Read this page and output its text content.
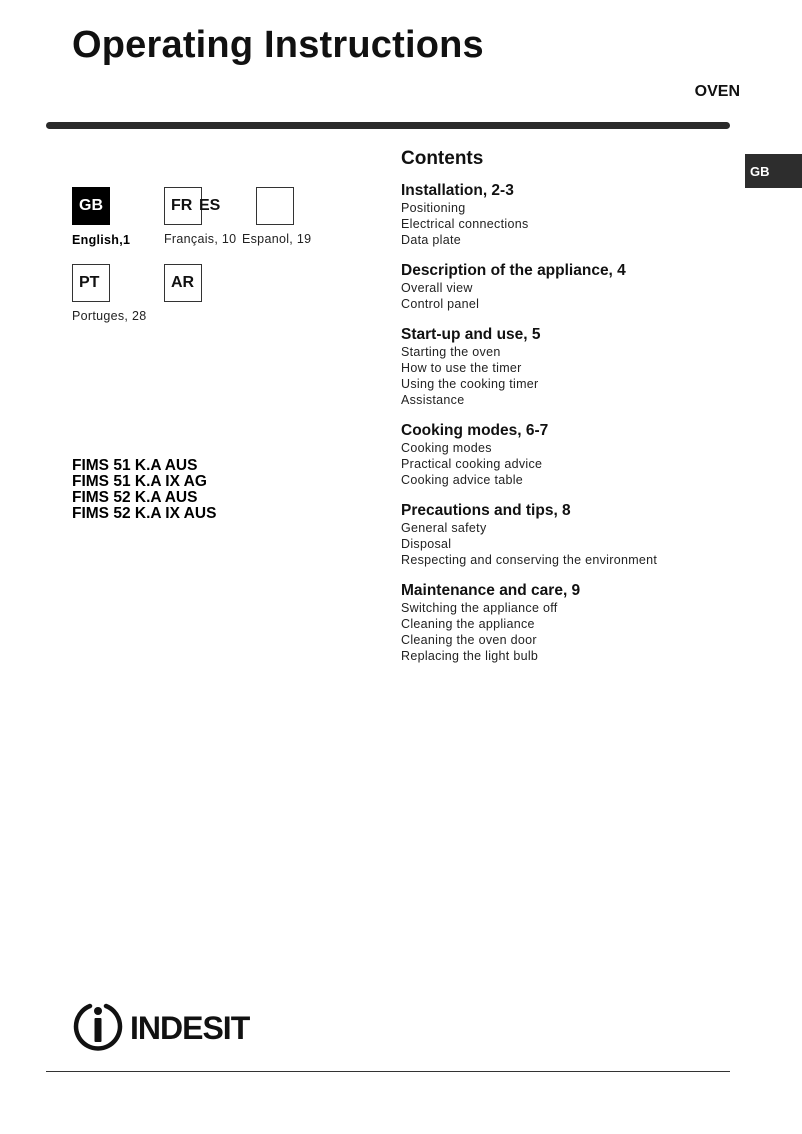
Operating Instructions
OVEN
GB
GB	FR ES
English,1	Français, 10 Espanol, 19
PT	AR
Portuges, 28
FIMS 51 K.A AUS
FIMS 51 K.A IX AG
FIMS 52 K.A AUS
FIMS 52 K.A IX AUS
Contents
Installation, 2-3
Positioning
Electrical connections
Data plate
Description of the appliance, 4
Overall view
Control panel
Start-up and use, 5
Starting the oven
How to use the timer
Using the cooking timer
Assistance
Cooking modes, 6-7
Cooking modes
Practical cooking advice
Cooking advice table
Precautions and tips, 8
General safety
Disposal
Respecting and conserving the environment
Maintenance and care, 9
Switching the appliance off
Cleaning the appliance
Cleaning the oven door
Replacing the light bulb
INDESIT
